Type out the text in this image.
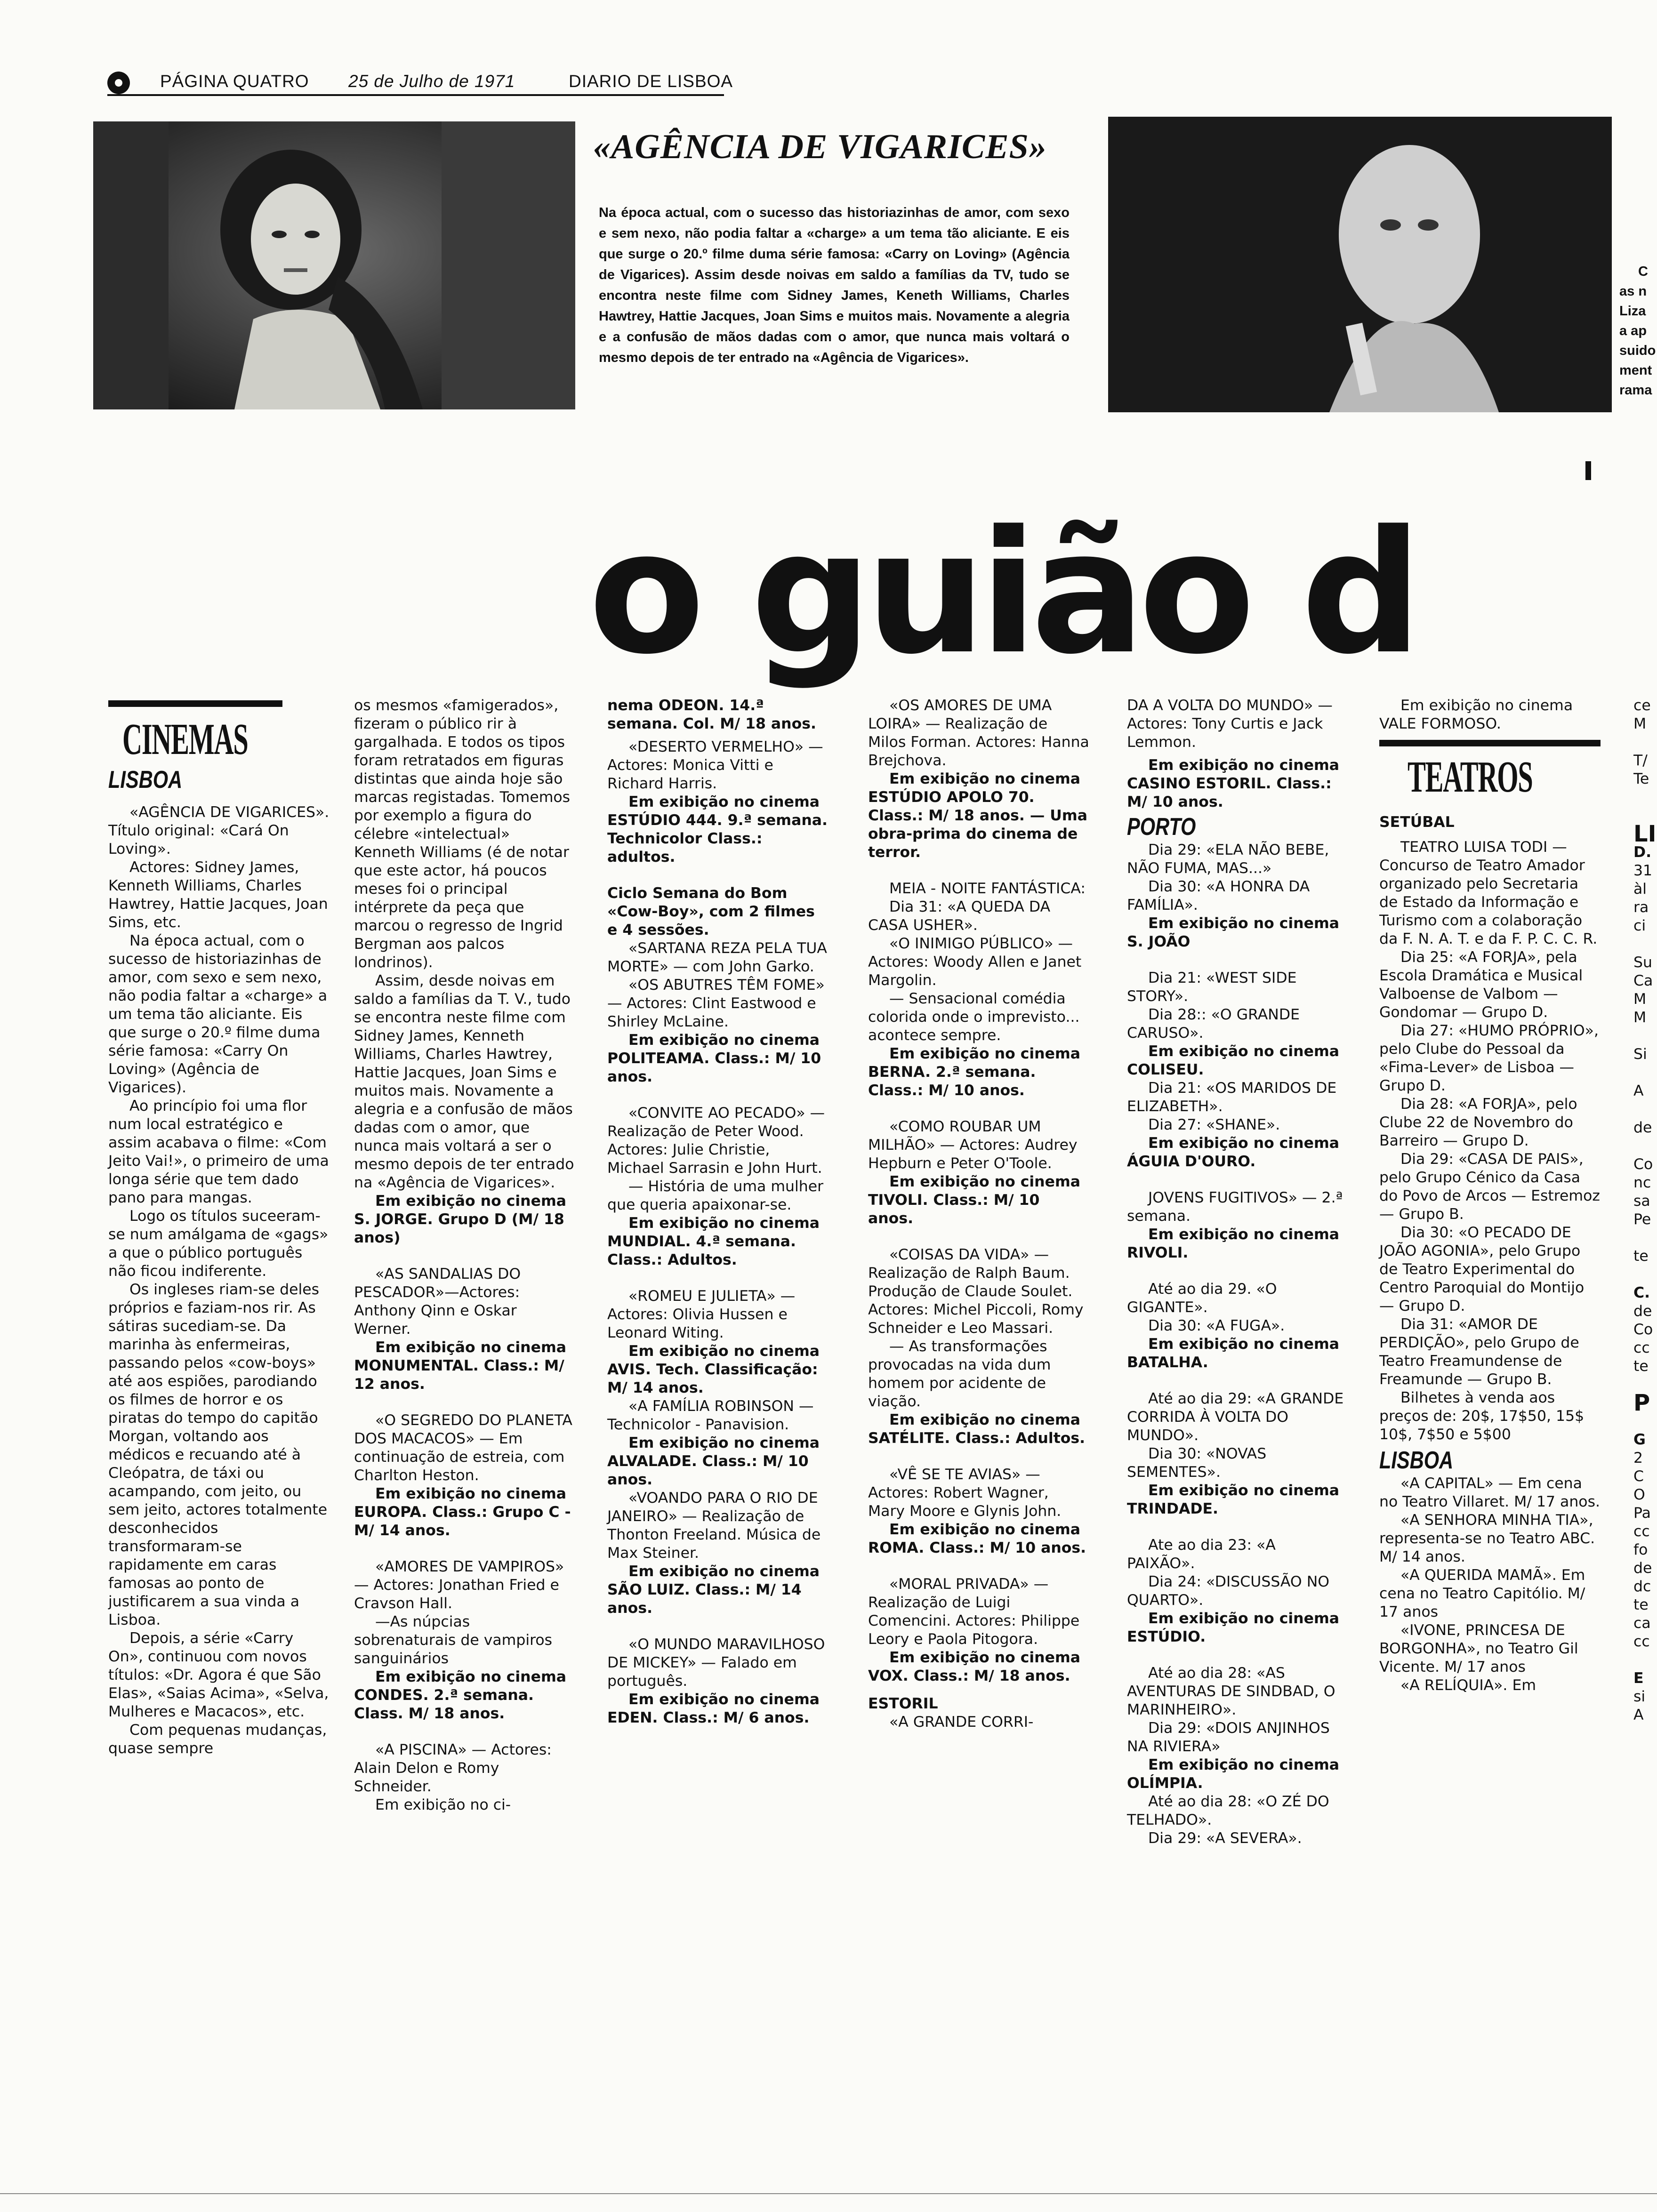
PÁGINA QUATRO 25 de Julho de 1971	DIARIO DE LISBOA
C
as n
Liza
a ap
suido
ment
rama
«AGÊNCIA DE VIGARICES»

Na época actual, com o sucesso das historiazinhas de amor, com sexo e sem nexo, não podia faltar a «charge» a um tema tão aliciante. E eis que surge o 20.º filme duma série famosa: «Carry on Loving» (Agência de Vigarices). Assim desde noivas em saldo a famílias da TV, tudo se encontra neste filme com Sidney James, Keneth Williams, Charles Hawtrey, Hattie Jacques, Joan Sims e muitos mais. Novamente a alegria e a confusão de mãos dadas com o amor, que nunca mais voltará o mesmo depois de ter entrado na «Agência de Vigarices».

o guião d
CINEMAS
LISBOA

«AGÊNCIA DE VIGARICES». Título original: «Cará On Loving».

Actores: Sidney James, Kenneth Williams, Charles Hawtrey, Hattie Jacques, Joan Sims, etc.

Na época actual, com o sucesso de historiazinhas de amor, com sexo e sem nexo, não podia faltar a «charge» a um tema tão aliciante. Eis que surge o 20.º filme duma série famosa: «Carry On Loving» (Agência de Vigarices).

Ao princípio foi uma flor num local estratégico e assim acabava o filme: «Com Jeito Vai!», o primeiro de uma longa série que tem dado pano para mangas.

Logo os títulos suceeram-se num amálgama de «gags» a que o público português não ficou indiferente.

Os ingleses riam-se deles próprios e faziam-nos rir. As sátiras sucediam-se. Da marinha às enfermeiras, passando pelos «cow-boys» até aos espiões, parodiando os filmes de horror e os piratas do tempo do capitão Morgan, voltando aos médicos e recuando até à Cleópatra, de táxi ou acampando, com jeito, ou sem jeito, actores totalmente desconhecidos transformaram-se rapidamente em caras famosas ao ponto de justificarem a sua vinda a Lisboa.

Depois, a série «Carry On», continuou com novos títulos: «Dr. Agora é que São Elas», «Saias Acima», «Selva, Mulheres e Macacos», etc.

Com pequenas mudanças, quase sempre

os mesmos «famigerados», fizeram o público rir à gargalhada. E todos os tipos foram retratados em figuras distintas que ainda hoje são marcas registadas. Tomemos por exemplo a figura do célebre «intelectual» Kenneth Williams (é de notar que este actor, há poucos meses foi o principal intérprete da peça que marcou o regresso de Ingrid Bergman aos palcos londrinos).

Assim, desde noivas em saldo a famílias da T. V., tudo se encontra neste filme com Sidney James, Kenneth Williams, Charles Hawtrey, Hattie Jacques, Joan Sims e muitos mais. Novamente a alegria e a confusão de mãos dadas com o amor, que nunca mais voltará a ser o mesmo depois de ter entrado na «Agência de Vigarices».

Em exibição no cinema S. JORGE. Grupo D (M/ 18 anos)

«AS SANDALIAS DO PESCADOR»—Actores: Anthony Qinn e Oskar Werner.

Em exibição no cinema MONUMENTAL. Class.: M/ 12 anos.

«O SEGREDO DO PLANETA DOS MACACOS» — Em continuação de estreia, com Charlton Heston.

Em exibição no cinema EUROPA. Class.: Grupo C - M/ 14 anos.

«AMORES DE VAMPIROS» — Actores: Jonathan Fried e Cravson Hall.

—As núpcias sobrenaturais de vampiros sanguinários

Em exibição no cinema CONDES. 2.ª semana. Class. M/ 18 anos.

«A PISCINA» — Actores: Alain Delon e Romy Schneider.

Em exibição no ci-

nema ODEON. 14.ª semana. Col. M/ 18 anos.

«DESERTO VERMELHO» — Actores: Monica Vitti e Richard Harris.

Em exibição no cinema ESTÚDIO 444. 9.ª semana. Technicolor Class.: adultos.

Ciclo Semana do Bom «Cow-Boy», com 2 filmes e 4 sessões.

«SARTANA REZA PELA TUA MORTE» — com John Garko.

«OS ABUTRES TÊM FOME» — Actores: Clint Eastwood e Shirley McLaine.

Em exibição no cinema POLITEAMA. Class.: M/ 10 anos.

«CONVITE AO PECADO» — Realização de Peter Wood. Actores: Julie Christie, Michael Sarrasin e John Hurt.

— História de uma mulher que queria apaixonar-se.

Em exibição no cinema MUNDIAL. 4.ª semana. Class.: Adultos.

«ROMEU E JULIETA» — Actores: Olivia Hussen e Leonard Witing.

Em exibição no cinema AVIS. Tech. Classificação: M/ 14 anos.

«A FAMÍLIA ROBINSON — Technicolor - Panavision.

Em exibição no cinema ALVALADE. Class.: M/ 10 anos.

«VOANDO PARA O RIO DE JANEIRO» — Realização de Thonton Freeland. Música de Max Steiner.

Em exibição no cinema SÃO LUIZ. Class.: M/ 14 anos.

«O MUNDO MARAVILHOSO DE MICKEY» — Falado em português.

Em exibição no cinema EDEN. Class.: M/ 6 anos.

«OS AMORES DE UMA LOIRA» — Realização de Milos Forman. Actores: Hanna Brejchova.

Em exibição no cinema ESTÚDIO APOLO 70. Class.: M/ 18 anos. — Uma obra-prima do cinema de terror.

MEIA - NOITE FANTÁSTICA:

Dia 31: «A QUEDA DA CASA USHER».

«O INIMIGO PÚBLICO» — Actores: Woody Allen e Janet Margolin.

— Sensacional comédia colorida onde o imprevisto... acontece sempre.

Em exibição no cinema BERNA. 2.ª semana. Class.: M/ 10 anos.

«COMO ROUBAR UM MILHÃO» — Actores: Audrey Hepburn e Peter O'Toole.

Em exibição no cinema TIVOLI. Class.: M/ 10 anos.

«COISAS DA VIDA» — Realização de Ralph Baum. Produção de Claude Soulet. Actores: Michel Piccoli, Romy Schneider e Leo Massari.

— As transformações provocadas na vida dum homem por acidente de viação.

Em exibição no cinema SATÉLITE. Class.: Adultos.

«VÊ SE TE AVIAS» — Actores: Robert Wagner, Mary Moore e Glynis John.

Em exibição no cinema ROMA. Class.: M/ 10 anos.

«MORAL PRIVADA» — Realização de Luigi Comencini. Actores: Philippe Leory e Paola Pitogora.

Em exibição no cinema VOX. Class.: M/ 18 anos.

ESTORIL

«A GRANDE CORRI-

DA A VOLTA DO MUNDO» — Actores: Tony Curtis e Jack Lemmon.

Em exibição no cinema CASINO ESTORIL. Class.: M/ 10 anos.

PORTO

Dia 29: «ELA NÃO BEBE, NÃO FUMA, MAS...»

Dia 30: «A HONRA DA FAMÍLIA».

Em exibição no cinema S. JOÃO

Dia 21: «WEST SIDE STORY».

Dia 28:: «O GRANDE CARUSO».

Em exibição no cinema COLISEU.

Dia 21: «OS MARIDOS DE ELIZABETH».

Dia 27: «SHANE».

Em exibição no cinema ÁGUIA D'OURO.

JOVENS FUGITIVOS» — 2.ª semana.

Em exibição no cinema RIVOLI.

Até ao dia 29. «O GIGANTE».

Dia 30: «A FUGA».

Em exibição no cinema BATALHA.

Até ao dia 29: «A GRANDE CORRIDA À VOLTA DO MUNDO».

Dia 30: «NOVAS SEMENTES».

Em exibição no cinema TRINDADE.

Ate ao dia 23: «A PAIXÃO».

Dia 24: «DISCUSSÃO NO QUARTO».

Em exibição no cinema ESTÚDIO.

Até ao dia 28: «AS AVENTURAS DE SINDBAD, O MARINHEIRO».

Dia 29: «DOIS ANJINHOS NA RIVIERA»

Em exibição no cinema OLÍMPIA.

Até ao dia 28: «O ZÉ DO TELHADO».

Dia 29: «A SEVERA».

Em exibição no cinema VALE FORMOSO.

TEATROS
SETÚBAL

TEATRO LUISA TODI — Concurso de Teatro Amador organizado pelo Secretaria de Estado da Informação e Turismo com a colaboração da F. N. A. T. e da F. P. C. C. R.

Dia 25: «A FORJA», pela Escola Dramática e Musical Valboense de Valbom — Gondomar — Grupo D.

Dia 27: «HUMO PRÓPRIO», pelo Clube do Pessoal da «Fima-Lever» de Lisboa — Grupo D.

Dia 28: «A FORJA», pelo Clube 22 de Novembro do Barreiro — Grupo D.

Dia 29: «CASA DE PAIS», pelo Grupo Cénico da Casa do Povo de Arcos — Estremoz — Grupo B.

Dia 30: «O PECADO DE JOÃO AGONIA», pelo Grupo de Teatro Experimental do Centro Paroquial do Montijo — Grupo D.

Dia 31: «AMOR DE PERDIÇÃO», pelo Grupo de Teatro Freamundense de Freamunde — Grupo B.

Bilhetes à venda aos preços de: 20$, 17$50, 15$ 10$, 7$50 e 5$00

LISBOA

«A CAPITAL» — Em cena no Teatro Villaret. M/ 17 anos.

«A SENHORA MINHA TIA», representa-se no Teatro ABC. M/ 14 anos.

«A QUERIDA MAMÃ». Em cena no Teatro Capitólio. M/ 17 anos

«IVONE, PRINCESA DE BORGONHA», no Teatro Gil Vicente. M/ 17 anos

«A RELÍQUIA». Em

ce
M
T/
Te
LI
D.
31
àl
ra
ci
Su
Ca
M
M
Si
A
de
Co
nc
sa
Pe
te
C.
de
Co
cc
te
P
G
2
C
O
Pa
cc
fo
de
dc
te
ca
cc
E
si
A
